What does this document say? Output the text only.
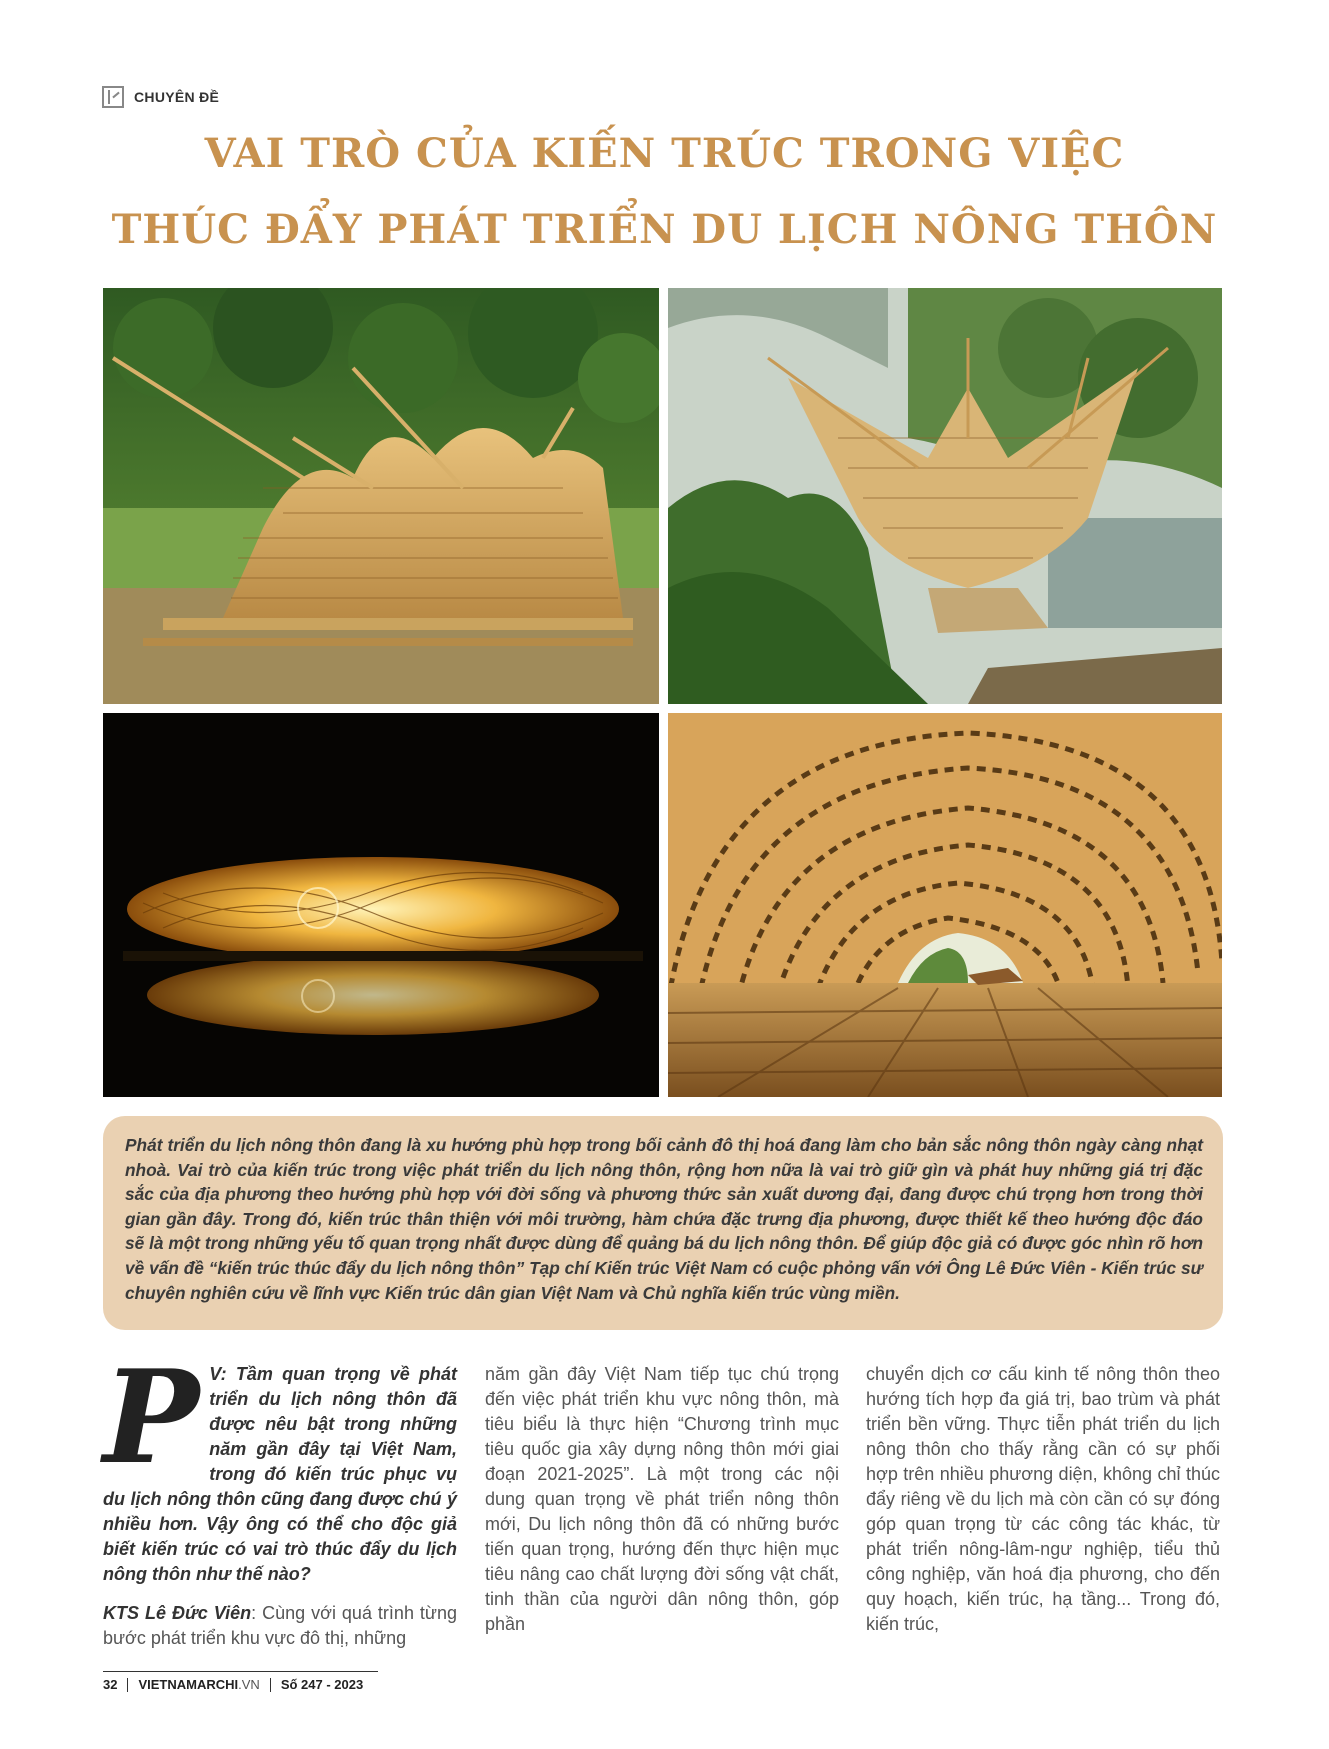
CHUYÊN ĐỀ
VAI TRÒ CỦA KIẾN TRÚC TRONG VIỆC
THÚC ĐẨY PHÁT TRIỂN DU LỊCH NÔNG THÔN

Phát triển du lịch nông thôn đang là xu hướng phù hợp trong bối cảnh đô thị hoá đang làm cho bản sắc nông thôn ngày càng nhạt nhoà. Vai trò của kiến trúc trong việc phát triển du lịch nông thôn, rộng hơn nữa là vai trò giữ gìn và phát huy những giá trị đặc sắc của địa phương theo hướng phù hợp với đời sống và phương thức sản xuất dương đại, đang được chú trọng hơn trong thời gian gần đây. Trong đó, kiến trúc thân thiện với môi trường, hàm chứa đặc trưng địa phương, được thiết kế theo hướng độc đáo sẽ là một trong những yếu tố quan trọng nhất được dùng để quảng bá du lịch nông thôn. Để giúp độc giả có được góc nhìn rõ hơn về vấn đề “kiến trúc thúc đẩy du lịch nông thôn” Tạp chí Kiến trúc Việt Nam có cuộc phỏng vấn với Ông Lê Đức Viên - Kiến trúc sư chuyên nghiên cứu về lĩnh vực Kiến trúc dân gian Việt Nam và Chủ nghĩa kiến trúc vùng miền.

P V: Tầm quan trọng về phát triển du lịch nông thôn đã được nêu bật trong những năm gần đây tại Việt Nam, trong đó kiến trúc phục vụ du lịch nông thôn cũng đang được chú ý nhiều hơn. Vậy ông có thể cho độc giả biết kiến trúc có vai trò thúc đẩy du lịch nông thôn như thế nào?

KTS Lê Đức Viên: Cùng với quá trình từng bước phát triển khu vực đô thị, những

năm gần đây Việt Nam tiếp tục chú trọng đến việc phát triển khu vực nông thôn, mà tiêu biểu là thực hiện “Chương trình mục tiêu quốc gia xây dựng nông thôn mới giai đoạn 2021-2025”. Là một trong các nội dung quan trọng về phát triển nông thôn mới, Du lịch nông thôn đã có những bước tiến quan trọng, hướng đến thực hiện mục tiêu nâng cao chất lượng đời sống vật chất, tinh thần của người dân nông thôn, góp phần

chuyển dịch cơ cấu kinh tế nông thôn theo hướng tích hợp đa giá trị, bao trùm và phát triển bền vững. Thực tiễn phát triển du lịch nông thôn cho thấy rằng cần có sự phối hợp trên nhiều phương diện, không chỉ thúc đẩy riêng về du lịch mà còn cần có sự đóng góp quan trọng từ các công tác khác, từ phát triển nông-lâm-ngư nghiệp, tiểu thủ công nghiệp, văn hoá địa phương, cho đến quy hoạch, kiến trúc, hạ tầng... Trong đó, kiến trúc,

32 VIETNAMARCHI.VN Số 247 - 2023
